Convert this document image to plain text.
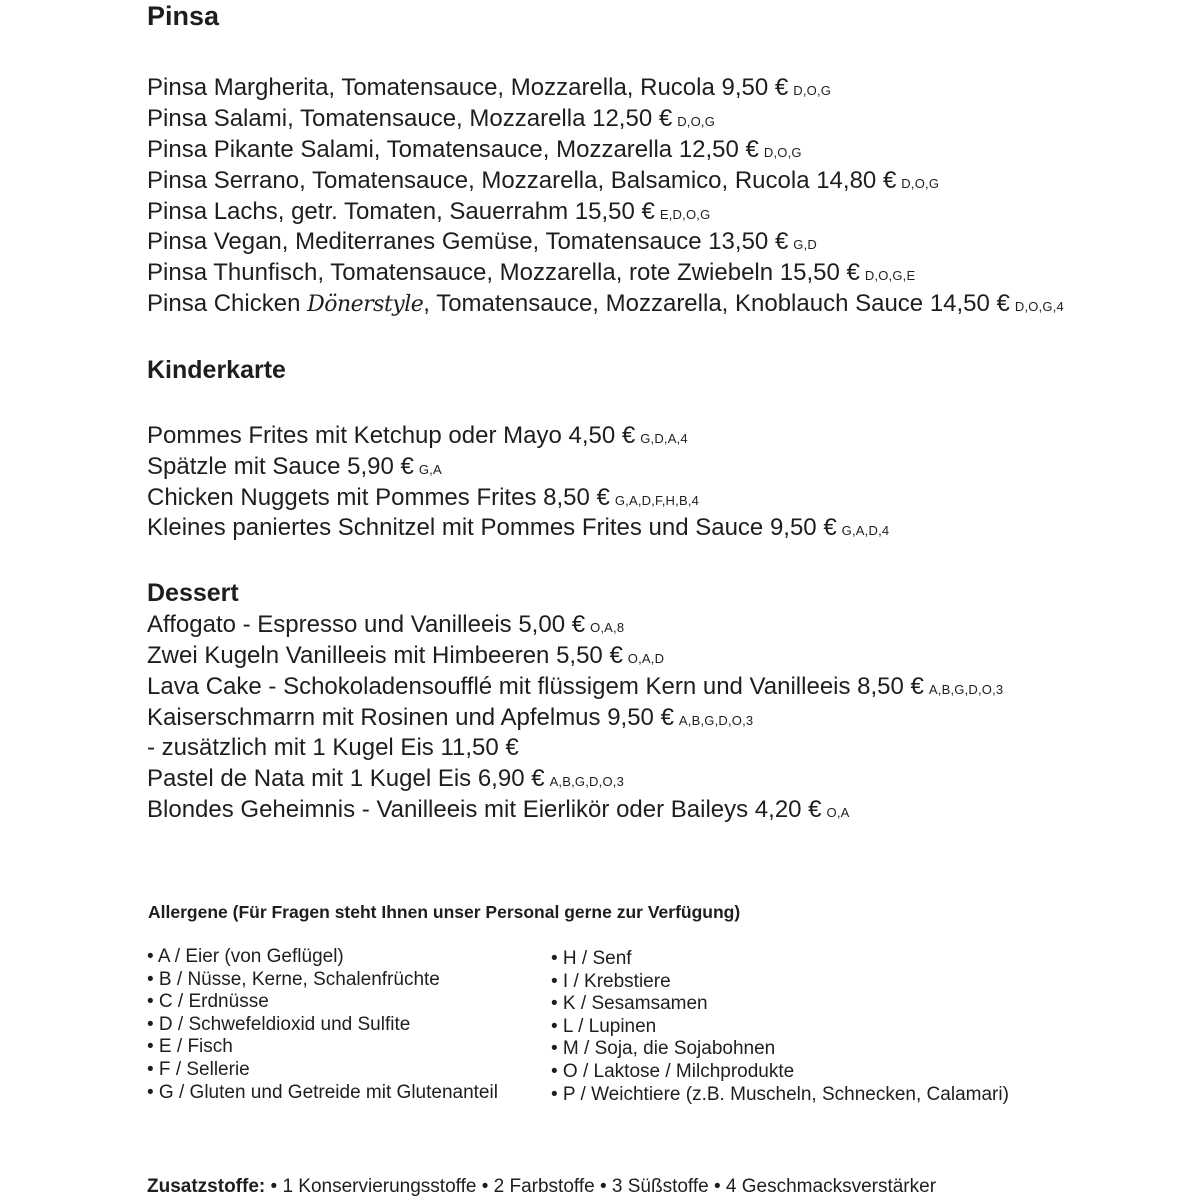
Pinsa

Pinsa Margherita, Tomatensauce, Mozzarella, Rucola 9,50 € D,O,G

Pinsa Salami, Tomatensauce, Mozzarella 12,50 € D,O,G

Pinsa Pikante Salami, Tomatensauce, Mozzarella 12,50 € D,O,G

Pinsa Serrano, Tomatensauce, Mozzarella, Balsamico, Rucola 14,80 € D,O,G

Pinsa Lachs, getr. Tomaten, Sauerrahm 15,50 € E,D,O,G

Pinsa Vegan, Mediterranes Gemüse, Tomatensauce 13,50 € G,D

Pinsa Thunfisch, Tomatensauce, Mozzarella, rote Zwiebeln 15,50 € D,O,G,E

Pinsa Chicken Dönerstyle, Tomatensauce, Mozzarella, Knoblauch Sauce 14,50 € D,O,G,4

Kinderkarte

Pommes Frites mit Ketchup oder Mayo 4,50 € G,D,A,4

Spätzle mit Sauce 5,90 € G,A

Chicken Nuggets mit Pommes Frites 8,50 € G,A,D,F,H,B,4

Kleines paniertes Schnitzel mit Pommes Frites und Sauce 9,50 € G,A,D,4

Dessert

Affogato - Espresso und Vanilleeis 5,00 € O,A,8

Zwei Kugeln Vanilleeis mit Himbeeren 5,50 € O,A,D

Lava Cake - Schokoladensoufflé mit flüssigem Kern und Vanilleeis 8,50 € A,B,G,D,O,3

Kaiserschmarrn mit Rosinen und Apfelmus 9,50 € A,B,G,D,O,3

- zusätzlich mit 1 Kugel Eis 11,50 €

Pastel de Nata mit 1 Kugel Eis 6,90 € A,B,G,D,O,3

Blondes Geheimnis - Vanilleeis mit Eierlikör oder Baileys 4,20 € O,A

Allergene (Für Fragen steht Ihnen unser Personal gerne zur Verfügung)

• A / Eier (von Geflügel)
• B / Nüsse, Kerne, Schalenfrüchte
• C / Erdnüsse
• D / Schwefeldioxid und Sulfite
• E / Fisch
• F / Sellerie
• G / Gluten und Getreide mit Glutenanteil
• H / Senf
• I / Krebstiere
• K / Sesamsamen
• L / Lupinen
• M / Soja, die Sojabohnen
• O / Laktose / Milchprodukte
• P / Weichtiere (z.B. Muscheln, Schnecken, Calamari)

Zusatzstoffe: • 1 Konservierungsstoffe • 2 Farbstoffe • 3 Süßstoffe • 4 Geschmacksverstärker
